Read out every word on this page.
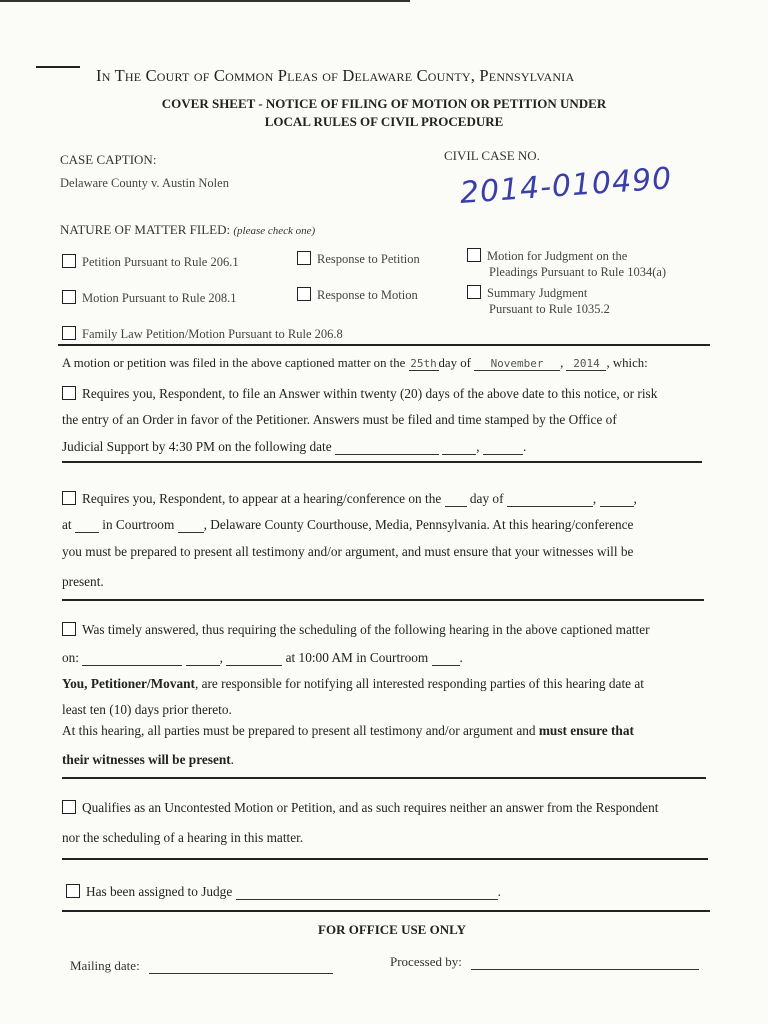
In The Court of Common Pleas of Delaware County, Pennsylvania
COVER SHEET - NOTICE OF FILING OF MOTION OR PETITION UNDER
LOCAL RULES OF CIVIL PROCEDURE
CASE CAPTION:
Delaware County v. Austin Nolen
CIVIL CASE NO.
2014-010490
NATURE OF MATTER FILED: (please check one)
Petition Pursuant to Rule 206.1	Response to Petition	Motion for Judgment on the
Pleadings Pursuant to Rule 1034(a)
Motion Pursuant to Rule 208.1	Response to Motion	Summary Judgment
Pursuant to Rule 1035.2
Family Law Petition/Motion Pursuant to Rule 206.8
A motion or petition was filed in the above captioned matter on the 25th day of November , 2014 , which:
Requires you, Respondent, to file an Answer within twenty (20) days of the above date to this notice, or risk
the entry of an Order in favor of the Petitioner. Answers must be filed and time stamped by the Office of
Judicial Support by 4:30 PM on the following date	,	.
Requires you, Respondent, to appear at a hearing/conference on the day of	,	,
at in Courtroom , Delaware County Courthouse, Media, Pennsylvania. At this hearing/conference
you must be prepared to present all testimony and/or argument, and must ensure that your witnesses will be
present.
Was timely answered, thus requiring the scheduling of the following hearing in the above captioned matter
on:	,	at 10:00 AM in Courtroom .
You, Petitioner/Movant, are responsible for notifying all interested responding parties of this hearing date at
least ten (10) days prior thereto.
At this hearing, all parties must be prepared to present all testimony and/or argument and must ensure that
their witnesses will be present.
Qualifies as an Uncontested Motion or Petition, and as such requires neither an answer from the Respondent
nor the scheduling of a hearing in this matter.
Has been assigned to Judge	.
FOR OFFICE USE ONLY
Mailing date:	Processed by:
